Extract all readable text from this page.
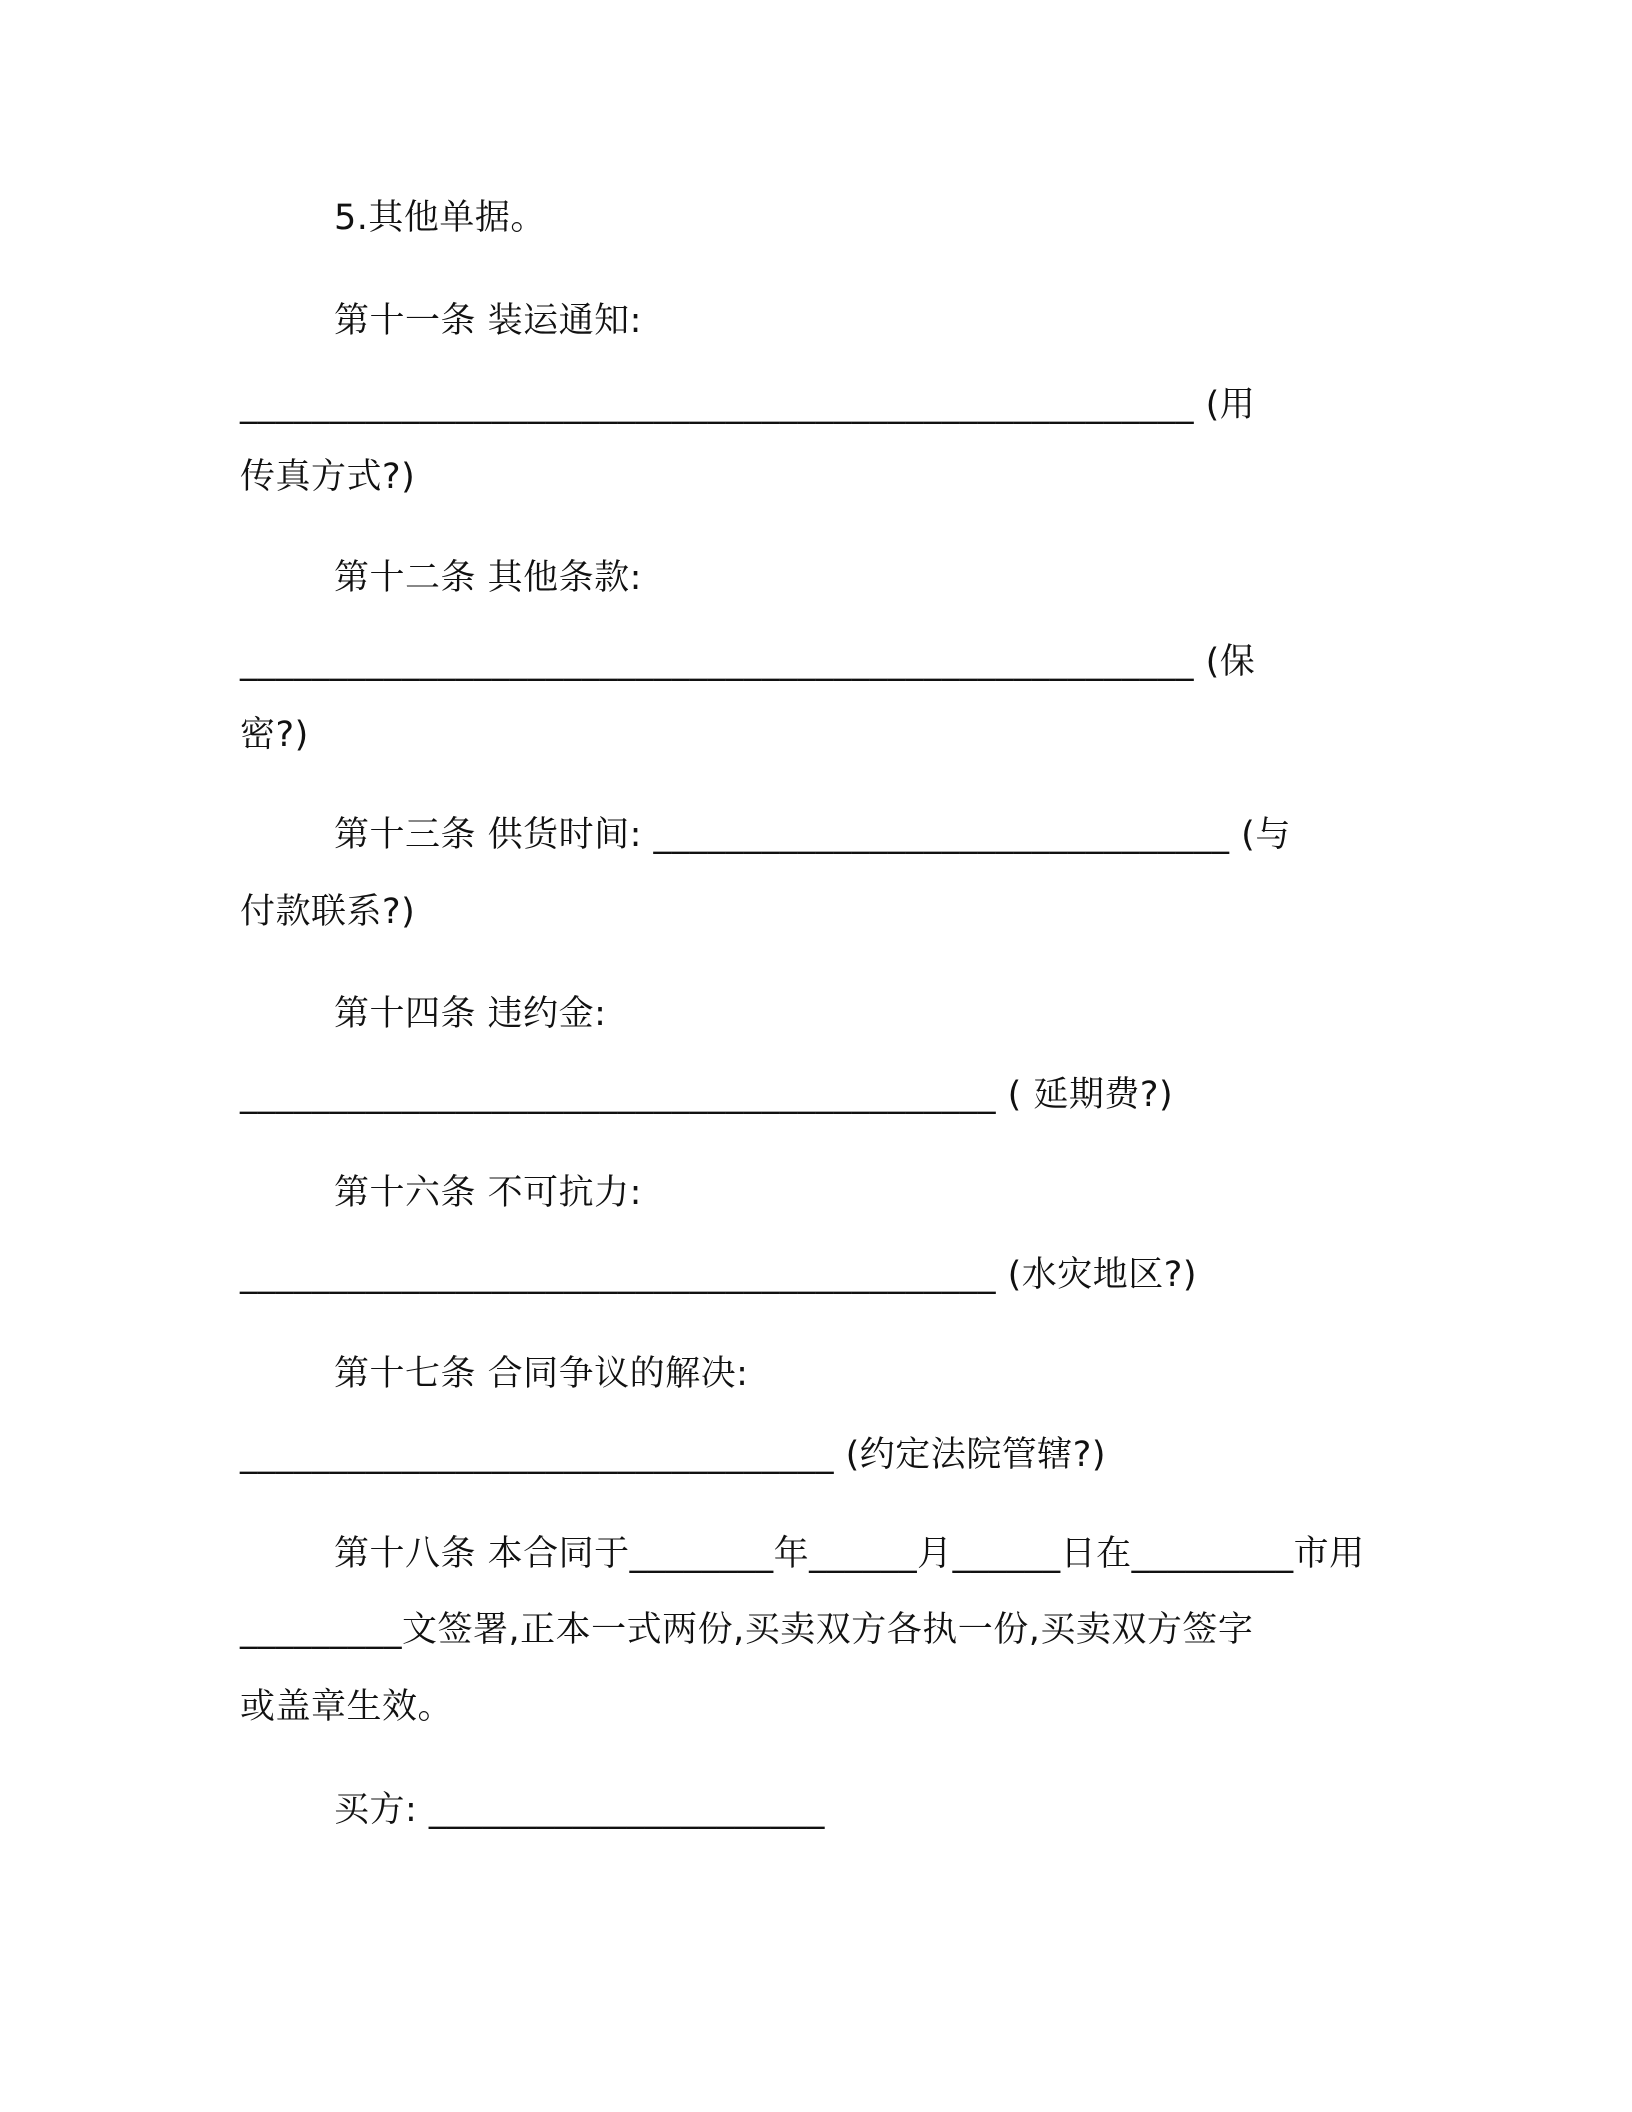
5.其他单据。
第十一条 装运通知:
_____________________________________________________ (用
传真方式?)
第十二条 其他条款:
_____________________________________________________ (保
密?)
第十三条 供货时间: ________________________________ (与
付款联系?)
第十四条 违约金:
__________________________________________ ( 延期费?)
第十六条 不可抗力:
__________________________________________ (水灾地区?)
第十七条 合同争议的解决:
_________________________________ (约定法院管辖?)
第十八条 本合同于________年______月______日在_________市用
_________文签署,正本一式两份,买卖双方各执一份,买卖双方签字
或盖章生效。
买方: ______________________
